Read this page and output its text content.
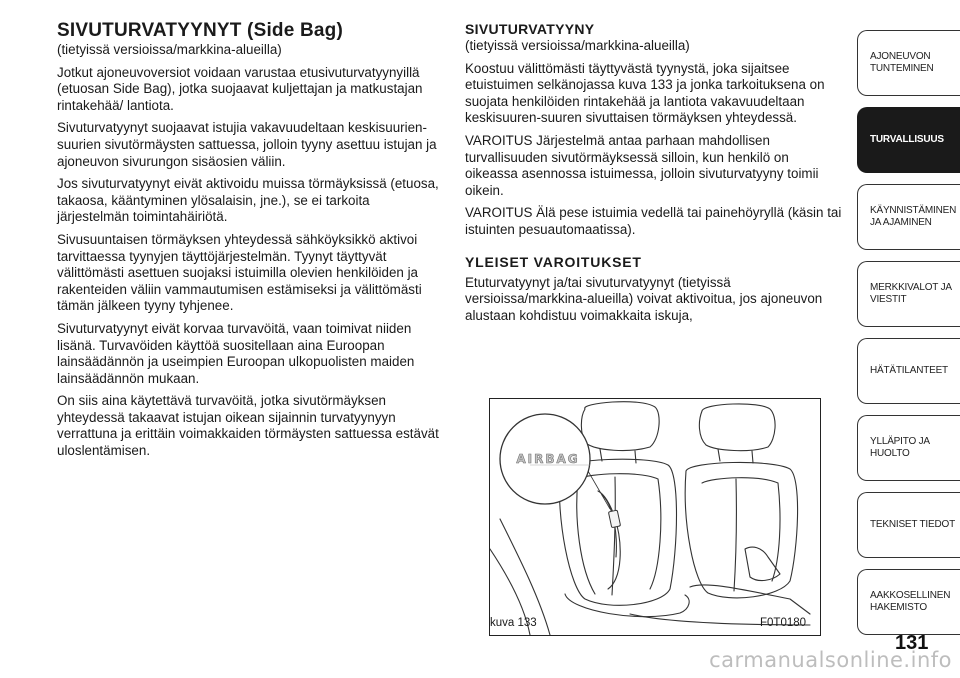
SIVUTURVATYYNYT (Side Bag)

(tietyissä versioissa/markkina-alueilla)

Jotkut ajoneuvoversiot voidaan varustaa etusivuturvatyynyillä (etuosan Side Bag), jotka suojaavat kuljettajan ja matkustajan rintakehää/ lantiota.

Sivuturvatyynyt suojaavat istujia vakavuudeltaan keskisuurien-suurien sivutörmäysten sattuessa, jolloin tyyny asettuu istujan ja ajoneuvon sivurungon sisäosien väliin.

Jos sivuturvatyynyt eivät aktivoidu muissa törmäyksissä (etuosa, takaosa, kääntyminen ylösalaisin, jne.), se ei tarkoita järjestelmän toimintahäiriötä.

Sivusuuntaisen törmäyksen yhteydessä sähköyksikkö aktivoi tarvittaessa tyynyjen täyttöjärjestelmän. Tyynyt täyttyvät välittömästi asettuen suojaksi istuimilla olevien henkilöiden ja rakenteiden väliin vammautumisen estämiseksi ja välittömästi tämän jälkeen tyyny tyhjenee.

Sivuturvatyynyt eivät korvaa turvavöitä, vaan toimivat niiden lisänä. Turvavöiden käyttöä suositellaan aina Euroopan lainsäädännön ja useimpien Euroopan ulkopuolisten maiden lainsäädännön mukaan.

On siis aina käytettävä turvavöitä, jotka sivutörmäyksen yhteydessä takaavat istujan oikean sijainnin turvatyynyyn verrattuna ja erittäin voimakkaiden törmäysten sattuessa estävät uloslentämisen.

SIVUTURVATYYNY

(tietyissä versioissa/markkina-alueilla)

Koostuu välittömästi täyttyvästä tyynystä, joka sijaitsee etuistuimen selkänojassa kuva 133 ja jonka tarkoituksena on suojata henkilöiden rintakehää ja lantiota vakavuudeltaan keskisuuren-suuren sivuttaisen törmäyksen yhteydessä.

VAROITUS Järjestelmä antaa parhaan mahdollisen turvallisuuden sivutörmäyksessä silloin, kun henkilö on oikeassa asennossa istuimessa, jolloin sivuturvatyyny toimii oikein.

VAROITUS Älä pese istuimia vedellä tai painehöyryllä (käsin tai istuinten pesuautomaatissa).

YLEISET VAROITUKSET

Etuturvatyynyt ja/tai sivuturvatyynyt (tietyissä versioissa/markkina-alueilla) voivat aktivoitua, jos ajoneuvon alustaan kohdistuu voimakkaita iskuja,

AIRBAG
kuva 133	F0T0180
AJONEUVON TUNTEMINEN
TURVALLISUUS
KÄYNNISTÄMINEN JA AJAMINEN
MERKKIVALOT JA VIESTIT
HÄTÄTILANTEET
YLLÄPITO JA HUOLTO
TEKNISET TIEDOT
AAKKOSELLINEN HAKEMISTO
131
carmanualsonline.info
